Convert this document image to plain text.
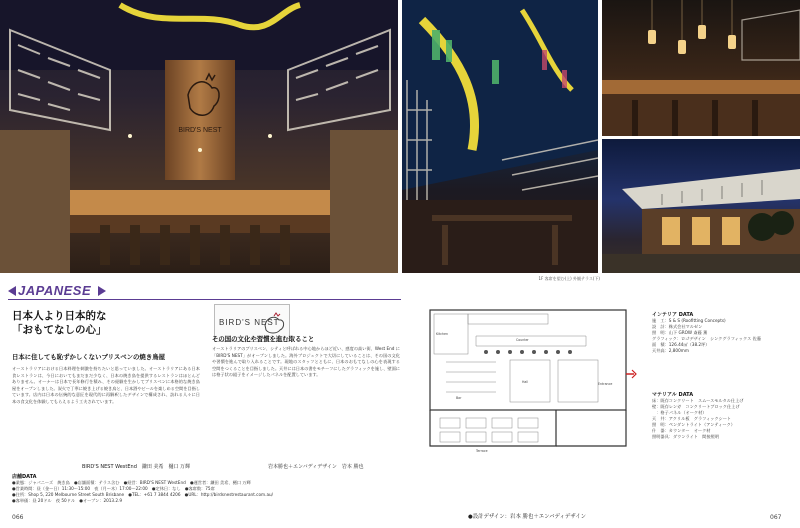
BIRD'S NEST
1F 客席を望む(上) 外観テラス(下)
JAPANESE
日本人より日本的な
「おもてなしの心」
BIRD'S NEST
日本に住しても恥ずかしくないブリスベンの焼き鳥屋
オーストラリアにおける日本料理を刺激を持ちたいと思っていました。オーストラリアにある日本食レストランは、今日においてもまだまだ少なく、日本の焼き鳥を提供するレストランはほとんどありません。オーナーは日本で長年修行を積み、その経験を生かしてブリスベンに本格的な焼き鳥屋をオープンしました。炭火で丁寧に焼き上げる焼き鳥と、日本酒やビールを楽しめる空間を目指しています。店内は日本の伝統的な意匠を現代的に再解釈したデザインで構成され、訪れる人々に日本の食文化を体験してもらえるよう工夫されています。
その国の文化や習慣を進む取ること
オーストラリアのブリスベン、シティと呼ばれる中心地からほど近い、感度の高い街、West End に「BIRD'S NEST」がオープンしました。海外プロジェクトで大切にしていることは、その国の文化や習慣を進んで取り入れることです。現地のスタッフとともに、日本のおもてなしの心を表現する空間をつくることを目指しました。天井には日本の書をモチーフにしたグラフィックを施し、壁面には格子状の組子をイメージしたパネルを配置しています。
BIRD'S NEST WestEnd　鎌田 美希　樋口 万輝	岩本勝也＋エンバディデザイン　岩本 勝也
店舗DATA
●業態：ジャパニーズ　焼き鳥　●店舗面積：テラス含む　●経営：BIRD'S NEST WestEnd　●運営者：鎌田 美希、樋口 万輝
●営業時間：昼（金〜日）11:30〜15:00　夜（月〜木）17:00〜22:00　●定休日：なし　●客席数：75席
●住所：Shop 5, 220 Melbourne Street South Brisbane　●TEL：+61 7 3844 4206　●URL：http://birdsnestrestaurant.com.au/
●客単価：昼 20ドル　夜 50ドル　●オープン：2013.2.9
066
Kitchen
Counter
Terrace
Hall
Bar
Entrance
●設計デザイン：岩本 勝也＋エンバディデザイン
インテリア DATA
施　工：S & S (Roofitting Concepts)
設　計：株式会社マルゼン
照　明：山下 GROW 斎藤 薫
グラフィック：ロゴデザイン　シンクグラフィックス 佐藤
面　積：126.44㎡（38.2坪）
天井高：2,800mm
マテリアル DATA
床：既存コンクリート　スムースモルタル仕上げ
壁：既存レンガ　コンクリートブロック仕上げ
　：格子パネル（オーク材）
天　井：アクリル板　グラフィックシート
照　明：ペンダントライト（アンティーク）
什　器：カウンター　オーク材
照明器具：ダウンライト　間接照明
067
